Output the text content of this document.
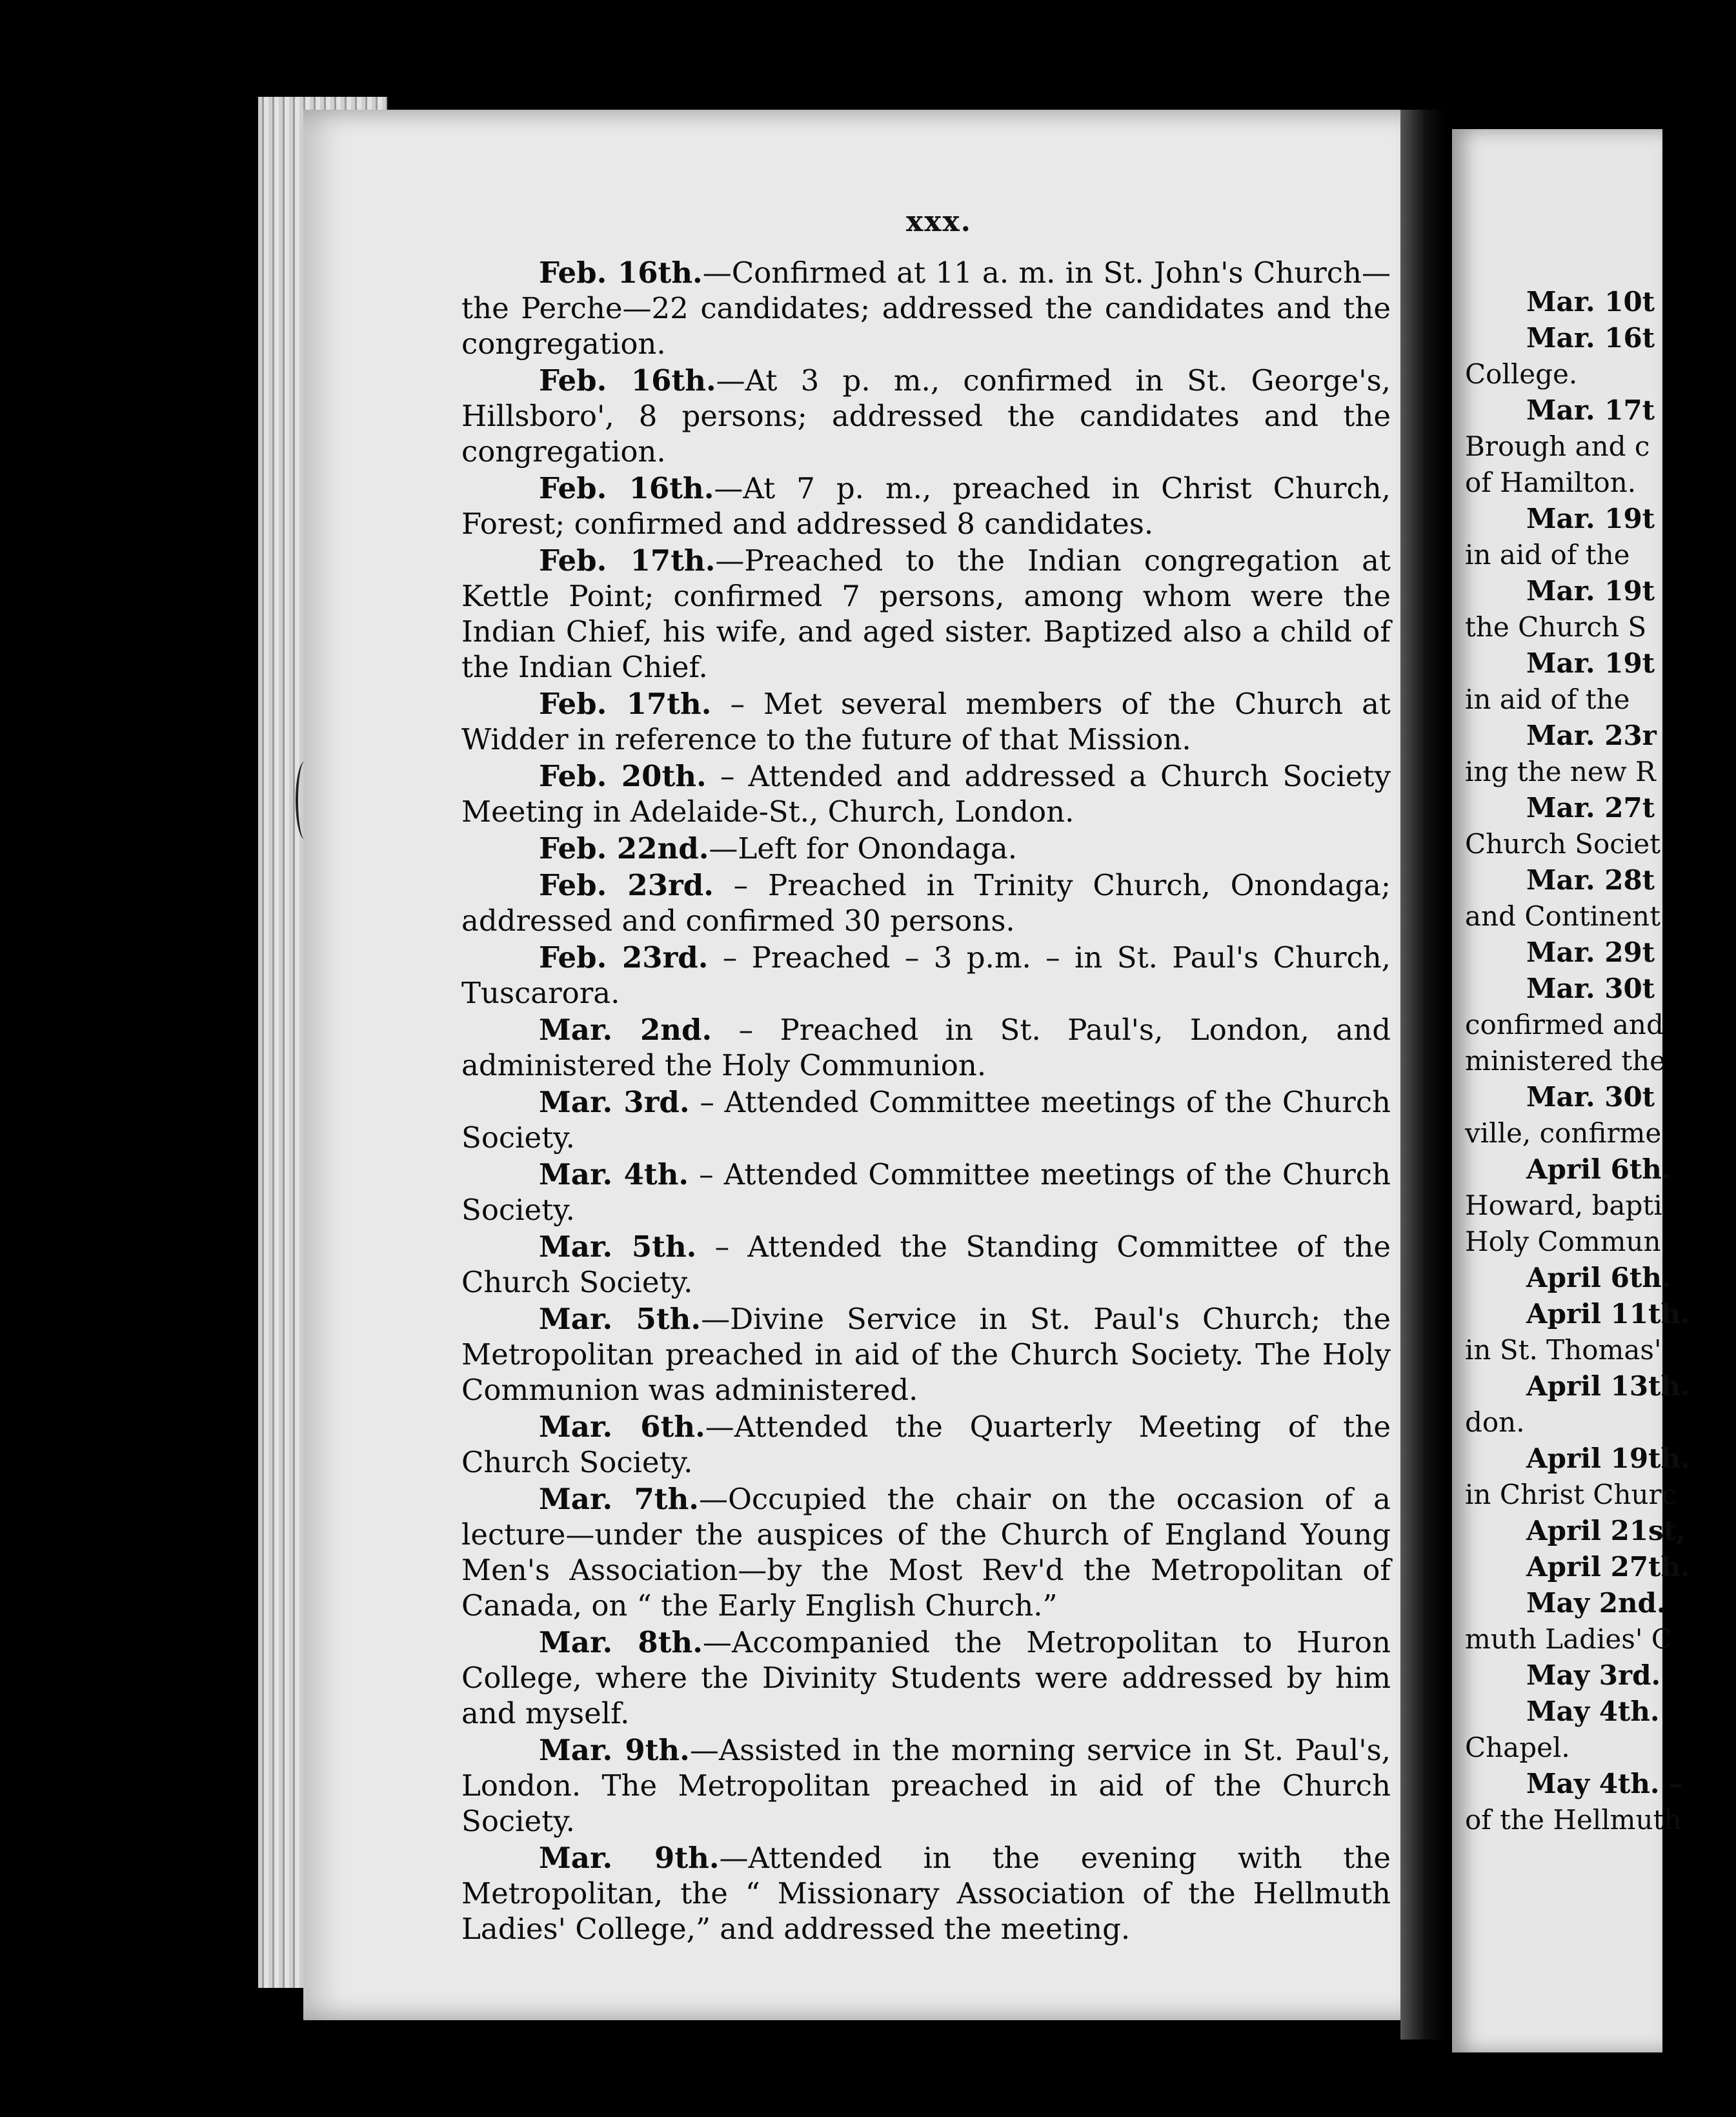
xxx.

Feb. 16th.—Confirmed at 11 a. m. in St. John's Church—the Perche—22 candidates; addressed the candidates and the congregation.

Feb. 16th.—At 3 p. m., confirmed in St. George's, Hillsboro', 8 persons; addressed the candidates and the congregation.

Feb. 16th.—At 7 p. m., preached in Christ Church, Forest; confirmed and addressed 8 candidates.

Feb. 17th.—Preached to the Indian congregation at Kettle Point; confirmed 7 persons, among whom were the Indian Chief, his wife, and aged sister. Baptized also a child of the Indian Chief.

Feb. 17th. – Met several members of the Church at Widder in reference to the future of that Mission.

Feb. 20th. – Attended and addressed a Church Society Meeting in Adelaide-St., Church, London.

Feb. 22nd.—Left for Onondaga.

Feb. 23rd. – Preached in Trinity Church, Onondaga; addressed and confirmed 30 persons.

Feb. 23rd. – Preached – 3 p.m. – in St. Paul's Church, Tuscarora.

Mar. 2nd. – Preached in St. Paul's, London, and administered the Holy Communion.

Mar. 3rd. – Attended Committee meetings of the Church Society.

Mar. 4th. – Attended Committee meetings of the Church Society.

Mar. 5th. – Attended the Standing Committee of the Church Society.

Mar. 5th.—Divine Service in St. Paul's Church; the Metropolitan preached in aid of the Church Society. The Holy Communion was administered.

Mar. 6th.—Attended the Quarterly Meeting of the Church Society.

Mar. 7th.—Occupied the chair on the occasion of a lecture—under the auspices of the Church of England Young Men's Association—by the Most Rev'd the Metropolitan of Canada, on “ the Early English Church.”

Mar. 8th.—Accompanied the Metropolitan to Huron College, where the Divinity Students were addressed by him and myself.

Mar. 9th.—Assisted in the morning service in St. Paul's, London. The Metropolitan preached in aid of the Church Society.

Mar. 9th.—Attended in the evening with the Metropolitan, the “ Missionary Association of the Hellmuth Ladies' College,” and addressed the meeting.

Mar. 10t
Mar. 16t
College.
Mar. 17t
Brough and c
of Hamilton.
Mar. 19t
in aid of the
Mar. 19t
the Church S
Mar. 19t
in aid of the
Mar. 23r
ing the new R
Mar. 27t
Church Societ
Mar. 28t
and Continent
Mar. 29t
Mar. 30t
confirmed and
ministered the
Mar. 30t
ville, confirme
April 6th.
Howard, bapti
Holy Commun
April 6th.
April 11th.
in St. Thomas'
April 13th.
don.
April 19th.
in Christ Churc
April 21st,
April 27th.
May 2nd.
muth Ladies' C
May 3rd.
May 4th.
Chapel.
May 4th. –
of the Hellmuth
